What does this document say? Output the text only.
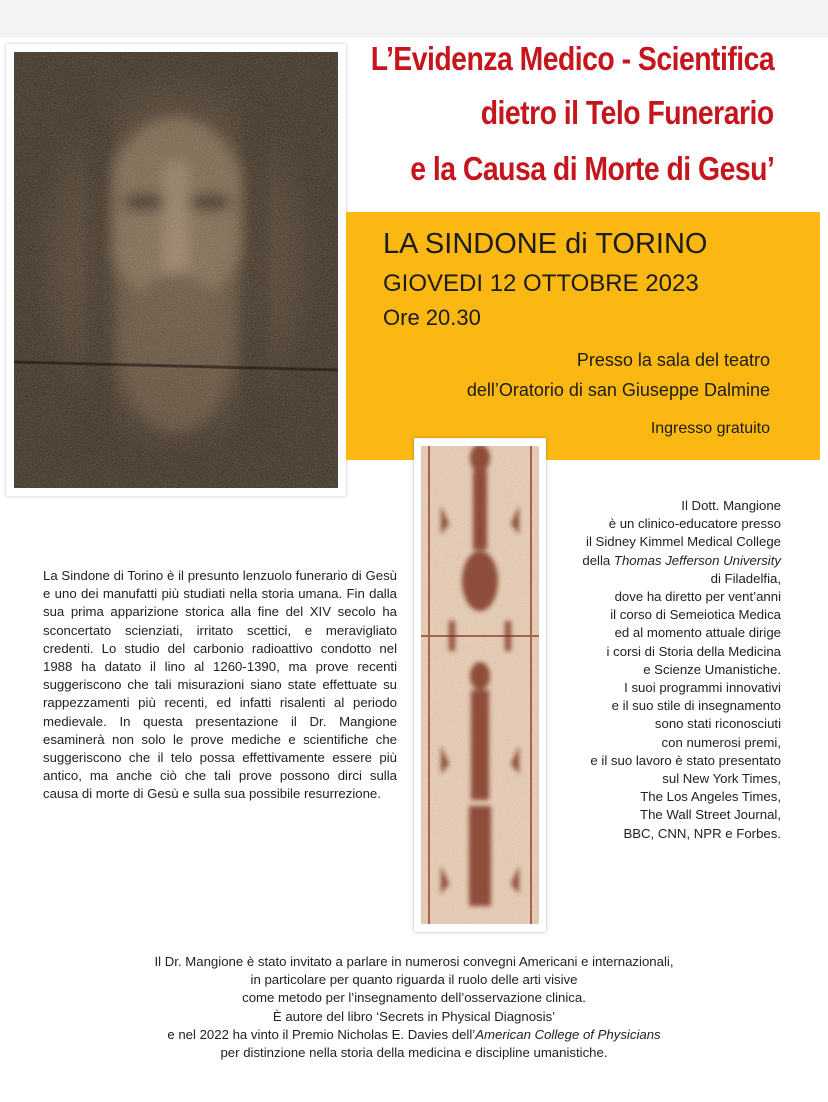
L’Evidenza Medico - Scientifica
dietro il Telo Funerario
e la Causa di Morte di Gesu’
LA SINDONE di TORINO
GIOVEDI 12 OTTOBRE 2023
Ore 20.30
Presso la sala del teatro
dell’Oratorio di san Giuseppe Dalmine
Ingresso gratuito
La Sindone di Torino è il presunto lenzuolo funerario di Gesù e uno dei manufatti più studiati nella storia umana. Fin dalla sua prima apparizione storica alla fine del XIV secolo ha sconcertato scienziati, irritato scettici, e meravigliato credenti. Lo studio del carbonio radioattivo condotto nel 1988 ha datato il lino al 1260-1390, ma prove recenti suggeriscono che tali misurazioni siano state effettuate su rappezzamenti più recenti, ed infatti risalenti al periodo medievale. In questa presentazione il Dr. Mangione esaminerà non solo le prove mediche e scientifiche che suggeriscono che il telo possa effettivamente essere più antico, ma anche ciò che tali prove possono dirci sulla causa di morte di Gesù e sulla sua possibile resurrezione.
Il Dott. Mangione
è un clinico-educatore presso
il Sidney Kimmel Medical College
della Thomas Jefferson University
di Filadelfia,
dove ha diretto per vent’anni
il corso di Semeiotica Medica
ed al momento attuale dirige
i corsi di Storia della Medicina
e Scienze Umanistiche.
I suoi programmi innovativi
e il suo stile di insegnamento
sono stati riconosciuti
con numerosi premi,
e il suo lavoro è stato presentato
sul New York Times,
The Los Angeles Times,
The Wall Street Journal,
BBC, CNN, NPR e Forbes.
Il Dr. Mangione è stato invitato a parlare in numerosi convegni Americani e internazionali,
in particolare per quanto riguarda il ruolo delle arti visive
come metodo per l’insegnamento dell’osservazione clinica.
È autore del libro ‘Secrets in Physical Diagnosis’
e nel 2022 ha vinto il Premio Nicholas E. Davies dell’American College of Physicians
per distinzione nella storia della medicina e discipline umanistiche.
